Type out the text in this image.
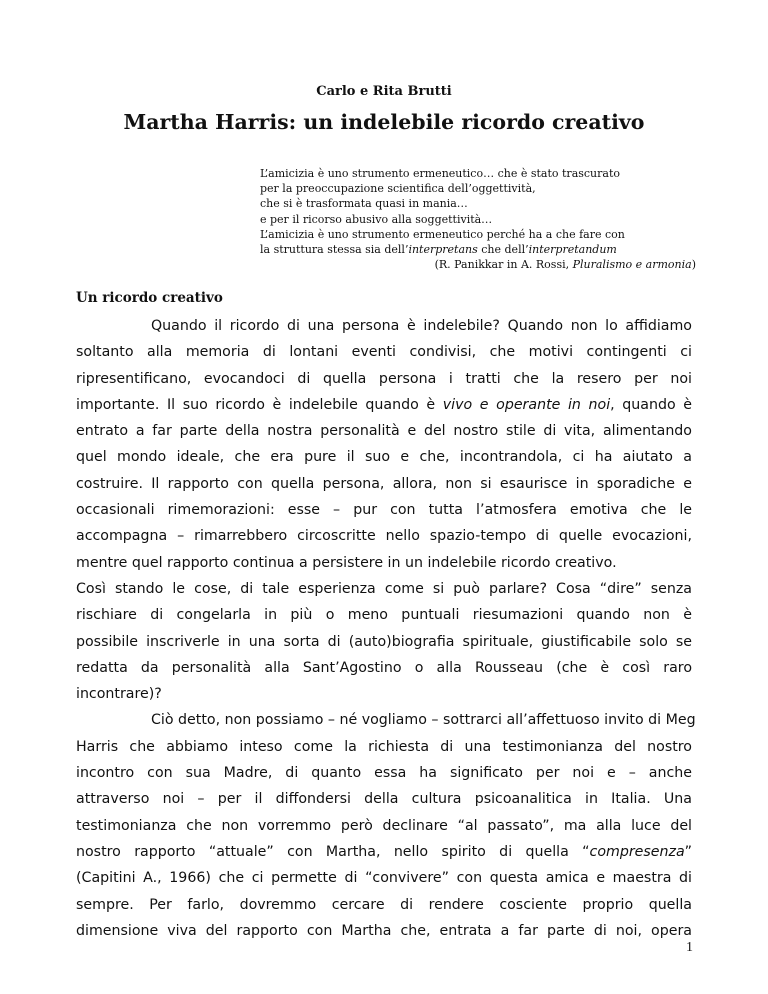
Carlo e Rita Brutti
Martha Harris: un indelebile ricordo creativo
L’amicizia è uno strumento ermeneutico… che è stato trascurato
per la preoccupazione scientifica dell’oggettività,
che si è trasformata quasi in mania…
e per il ricorso abusivo alla soggettività…
L’amicizia è uno strumento ermeneutico perché ha a che fare con
la struttura stessa sia dell’interpretans che dell’interpretandum
(R. Panikkar in A. Rossi, Pluralismo e armonia)
Un ricordo creativo
Quando il ricordo di una persona è indelebile? Quando non lo affidiamo
soltanto alla memoria di lontani eventi condivisi, che motivi contingenti ci
ripresentificano, evocandoci di quella persona i tratti che la resero per noi
importante. Il suo ricordo è indelebile quando è vivo e operante in noi, quando è
entrato a far parte della nostra personalità e del nostro stile di vita, alimentando
quel mondo ideale, che era pure il suo e che, incontrandola, ci ha aiutato a
costruire. Il rapporto con quella persona, allora, non si esaurisce in sporadiche e
occasionali rimemorazioni: esse – pur con tutta l’atmosfera emotiva che le
accompagna – rimarrebbero circoscritte nello spazio-tempo di quelle evocazioni,
mentre quel rapporto continua a persistere in un indelebile ricordo creativo.
Così stando le cose, di tale esperienza come si può parlare? Cosa “dire” senza
rischiare di congelarla in più o meno puntuali riesumazioni quando non è
possibile inscriverle in una sorta di (auto)biografia spirituale, giustificabile solo se
redatta da personalità alla Sant’Agostino o alla Rousseau (che è così raro
incontrare)?
Ciò detto, non possiamo – né vogliamo – sottrarci all’affettuoso invito di Meg
Harris che abbiamo inteso come la richiesta di una testimonianza del nostro
incontro con sua Madre, di quanto essa ha significato per noi e – anche
attraverso noi – per il diffondersi della cultura psicoanalitica in Italia. Una
testimonianza che non vorremmo però declinare “al passato”, ma alla luce del
nostro rapporto “attuale” con Martha, nello spirito di quella “compresenza”
(Capitini A., 1966) che ci permette di “convivere” con questa amica e maestra di
sempre. Per farlo, dovremmo cercare di rendere cosciente proprio quella
dimensione viva del rapporto con Martha che, entrata a far parte di noi, opera
1
